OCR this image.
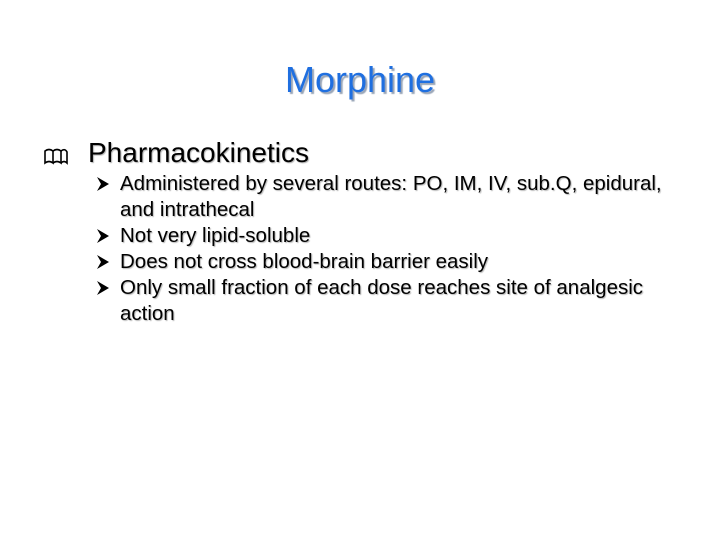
Morphine
Pharmacokinetics
Administered by several routes: PO, IM, IV, sub.Q, epidural, and intrathecal
Not very lipid-soluble
Does not cross blood-brain barrier easily
Only small fraction of each dose reaches site of analgesic action
